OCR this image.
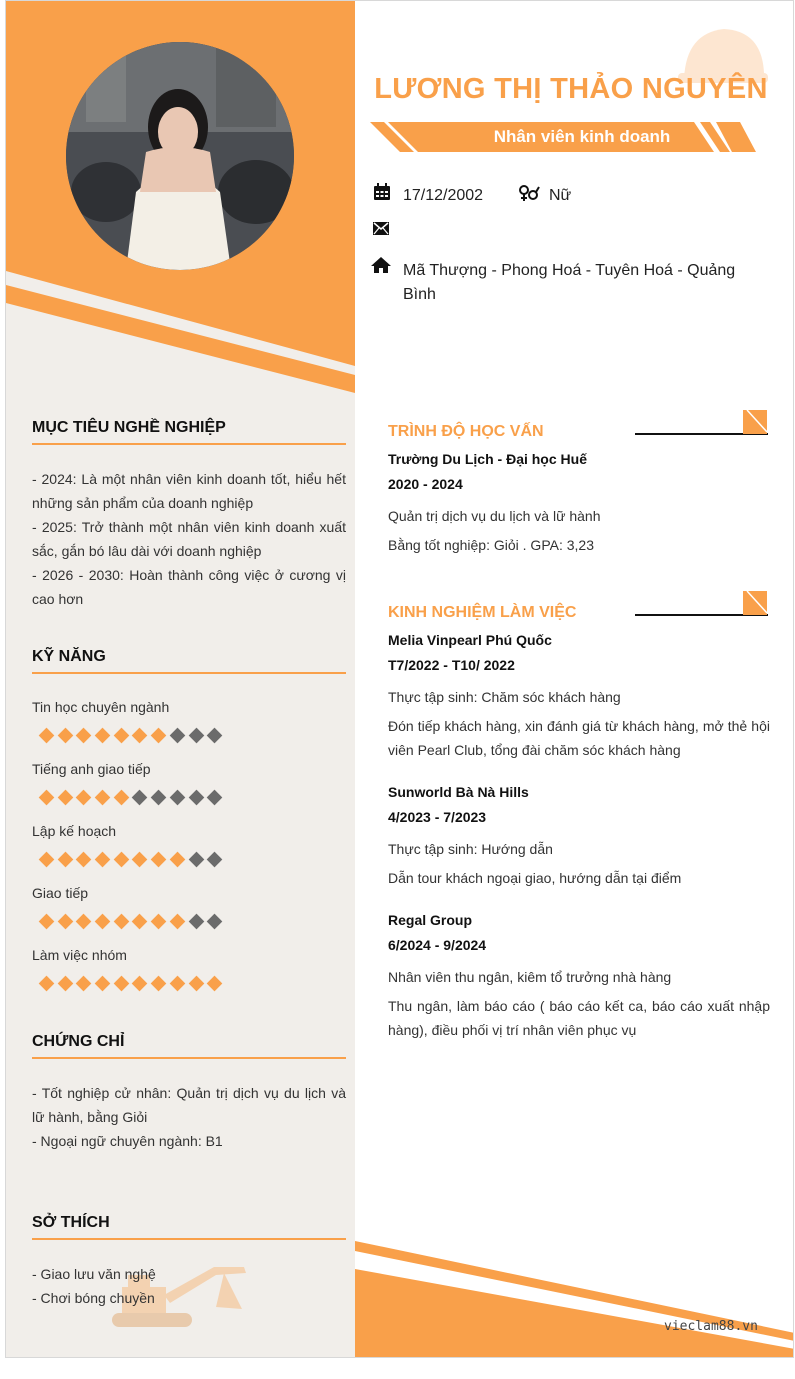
MỤC TIÊU NGHỀ NGHIỆP
- 2024: Là một nhân viên kinh doanh tốt, hiểu hết những sản phẩm của doanh nghiệp
- 2025: Trở thành một nhân viên kinh doanh xuất sắc, gắn bó lâu dài với doanh nghiệp
- 2026 - 2030: Hoàn thành công việc ở cương vị cao hơn
KỸ NĂNG
Tin học chuyên ngành
Tiếng anh giao tiếp
Lập kế hoạch
Giao tiếp
Làm việc nhóm
CHỨNG CHỈ
- Tốt nghiệp cử nhân: Quản trị dịch vụ du lịch và lữ hành, bằng Giỏi
- Ngoại ngữ chuyên ngành: B1
SỞ THÍCH
- Giao lưu văn nghệ
- Chơi bóng chuyền
LƯƠNG THỊ THẢO NGUYÊN
Nhân viên kinh doanh
17/12/2002	Nữ
Mã Thượng - Phong Hoá - Tuyên Hoá - Quảng
Bình
TRÌNH ĐỘ HỌC VẤN
Trường Du Lịch - Đại học Huế
2020 - 2024
Quản trị dịch vụ du lịch và lữ hành
Bằng tốt nghiệp: Giỏi . GPA: 3,23
KINH NGHIỆM LÀM VIỆC
Melia Vinpearl Phú Quốc
T7/2022 - T10/ 2022
Thực tập sinh: Chăm sóc khách hàng
Đón tiếp khách hàng, xin đánh giá từ khách hàng, mở thẻ hội viên Pearl Club, tổng đài chăm sóc khách hàng
Sunworld Bà Nà Hills
4/2023 - 7/2023
Thực tập sinh: Hướng dẫn
Dẫn tour khách ngoại giao, hướng dẫn tại điểm
Regal Group
6/2024 - 9/2024
Nhân viên thu ngân, kiêm tổ trưởng nhà hàng
Thu ngân, làm báo cáo ( báo cáo kết ca, báo cáo xuất nhập hàng), điều phối vị trí nhân viên phục vụ
vieclam88.vn
